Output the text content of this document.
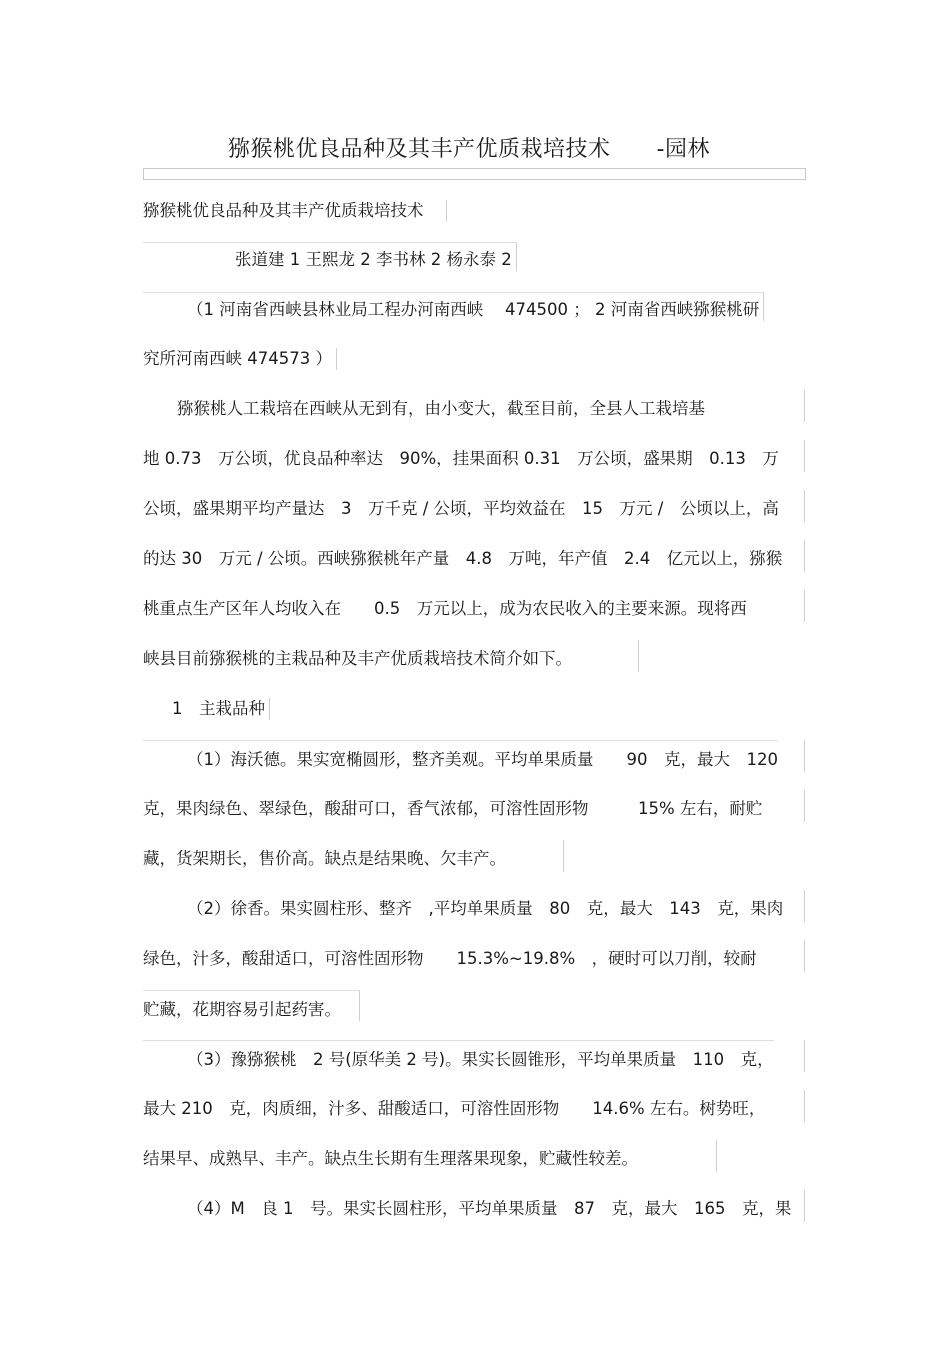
猕猴桃优良品种及其丰产优质栽培技术 -园林
猕猴桃优良品种及其丰产优质栽培技术
张道建 1 王熙龙 2 李书林 2 杨永泰 2
（1 河南省西峡县林业局工程办河南西峡　 474500 ； 2 河南省西峡猕猴桃研
究所河南西峡 474573 ）
猕猴桃人工栽培在西峡从无到有，由小变大，截至目前，全县人工栽培基
地 0.73　万公顷，优良品种率达　90%，挂果面积 0.31　万公顷，盛果期　0.13　万
公顷，盛果期平均产量达　3　万千克 / 公顷，平均效益在　15　万元 /　公顷以上，高
的达 30　万元 / 公顷。西峡猕猴桃年产量　4.8　万吨，年产值　2.4　亿元以上，猕猴
桃重点生产区年人均收入在　　0.5　万元以上，成为农民收入的主要来源。现将西
峡县目前猕猴桃的主栽品种及丰产优质栽培技术简介如下。
1　主栽品种
（1）海沃德。果实宽椭圆形，整齐美观。平均单果质量　　90　克，最大　120
克，果肉绿色、翠绿色，酸甜可口，香气浓郁，可溶性固形物　　　15% 左右，耐贮
藏，货架期长，售价高。缺点是结果晚、欠丰产。
（2）徐香。果实圆柱形、整齐　,平均单果质量　80　克，最大　143　克，果肉
绿色，汁多，酸甜适口，可溶性固形物　　15.3%~19.8%　，硬时可以刀削，较耐
贮藏，花期容易引起药害。
（3）豫猕猴桃　2 号(原华美 2 号)。果实长圆锥形，平均单果质量　110　克，
最大 210　克，肉质细，汁多、甜酸适口，可溶性固形物　　14.6% 左右。树势旺，
结果早、成熟早、丰产。缺点生长期有生理落果现象，贮藏性较差。
（4）M　良 1　号。果实长圆柱形，平均单果质量　87　克，最大　165　克，果
